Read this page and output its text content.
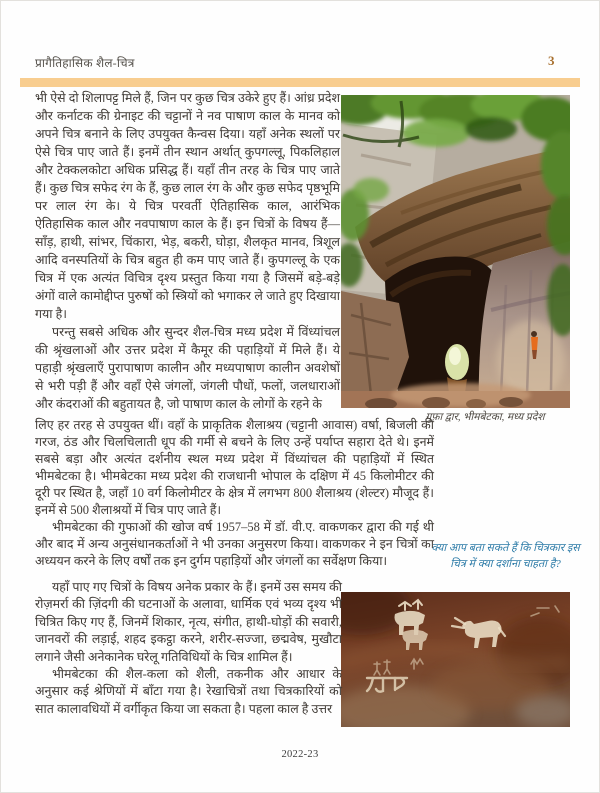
प्रागैतिहासिक शैल-चित्र	3

भी ऐसे दो शिलापट्ट मिले हैं, जिन पर कुछ चित्र उकेरे हुए हैं। आंध्र प्रदेश और कर्नाटक की ग्रेनाइट की चट्टानों ने नव पाषाण काल के मानव को अपने चित्र बनाने के लिए उपयुक्त कैन्वस दिया। यहाँ अनेक स्थलों पर ऐसे चित्र पाए जाते हैं। इनमें तीन स्थान अर्थात् कुपगल्लू, पिकलिहाल और टेक्कलकोटा अधिक प्रसिद्ध हैं। यहाँ तीन तरह के चित्र पाए जाते हैं। कुछ चित्र सफेद रंग के हैं, कुछ लाल रंग के और कुछ सफेद पृष्ठभूमि पर लाल रंग के। ये चित्र परवर्ती ऐतिहासिक काल, आरंभिक ऐतिहासिक काल और नवपाषाण काल के हैं। इन चित्रों के विषय हैं—साँड़, हाथी, सांभर, चिंकारा, भेड़, बकरी, घोड़ा, शैलकृत मानव, त्रिशूल आदि वनस्पतियों के चित्र बहुत ही कम पाए जाते हैं। कुपगल्लू के एक चित्र में एक अत्यंत विचित्र दृश्य प्रस्तुत किया गया है जिसमें बड़े-बड़े अंगों वाले कामोद्दीप्त पुरुषों को स्त्रियों को भगाकर ले जाते हुए दिखाया गया है।

परन्तु सबसे अधिक और सुन्दर शैल-चित्र मध्य प्रदेश में विंध्यांचल की श्रृंखलाओं और उत्तर प्रदेश में कैमूर की पहाड़ियों में मिले हैं। ये पहाड़ी श्रृंखलाएँ पुरापाषाण कालीन और मध्यपाषाण कालीन अवशेषों से भरी पड़ी हैं और वहाँ ऐसे जंगलों, जंगली पौधों, फलों, जलधाराओं और कंदराओं की बहुतायत है, जो पाषाण काल के लोगों के रहने के

गुफ़ा द्वार, भीमबेटका, मध्य प्रदेश

लिए हर तरह से उपयुक्त थीं। वहाँ के प्राकृतिक शैलाश्रय (चट्टानी आवास) वर्षा, बिजली की गरज, ठंड और चिलचिलाती धूप की गर्मी से बचने के लिए उन्हें पर्याप्त सहारा देते थे। इनमें सबसे बड़ा और अत्यंत दर्शनीय स्थल मध्य प्रदेश में विंध्यांचल की पहाड़ियों में स्थित भीमबेटका है। भीमबेटका मध्य प्रदेश की राजधानी भोपाल के दक्षिण में 45 किलोमीटर की दूरी पर स्थित है, जहाँ 10 वर्ग किलोमीटर के क्षेत्र में लगभग 800 शैलाश्रय (शेल्टर) मौजूद हैं। इनमें से 500 शैलाश्रयों में चित्र पाए जाते हैं।

भीमबेटका की गुफाओं की खोज वर्ष 1957–58 में डॉ. वी.ए. वाकणकर द्वारा की गई थी और बाद में अन्य अनुसंधानकर्ताओं ने भी उनका अनुसरण किया। वाकणकर ने इन चित्रों का अध्ययन करने के लिए वर्षों तक इन दुर्गम पहाड़ियों और जंगलों का सर्वेक्षण किया।

क्या आप बता सकते हैं कि चित्रकार इस चित्र में क्या दर्शाना चाहता है?

यहाँ पाए गए चित्रों के विषय अनेक प्रकार के हैं। इनमें उस समय की रोज़मर्रा की ज़िंदगी की घटनाओं के अलावा, धार्मिक एवं भव्य दृश्य भी चित्रित किए गए हैं, जिनमें शिकार, नृत्य, संगीत, हाथी-घोड़ों की सवारी, जानवरों की लड़ाई, शहद इकट्ठा करने, शरीर-सज्जा, छद्मवेष, मुखौटा लगाने जैसी अनेकानेक घरेलू गतिविधियों के चित्र शामिल हैं।

भीमबेटका की शैल-कला को शैली, तकनीक और आधार के अनुसार कई श्रेणियों में बाँटा गया है। रेखाचित्रों तथा चित्रकारियों को सात कालावधियों में वर्गीकृत किया जा सकता है। पहला काल है उत्तर

2022-23
